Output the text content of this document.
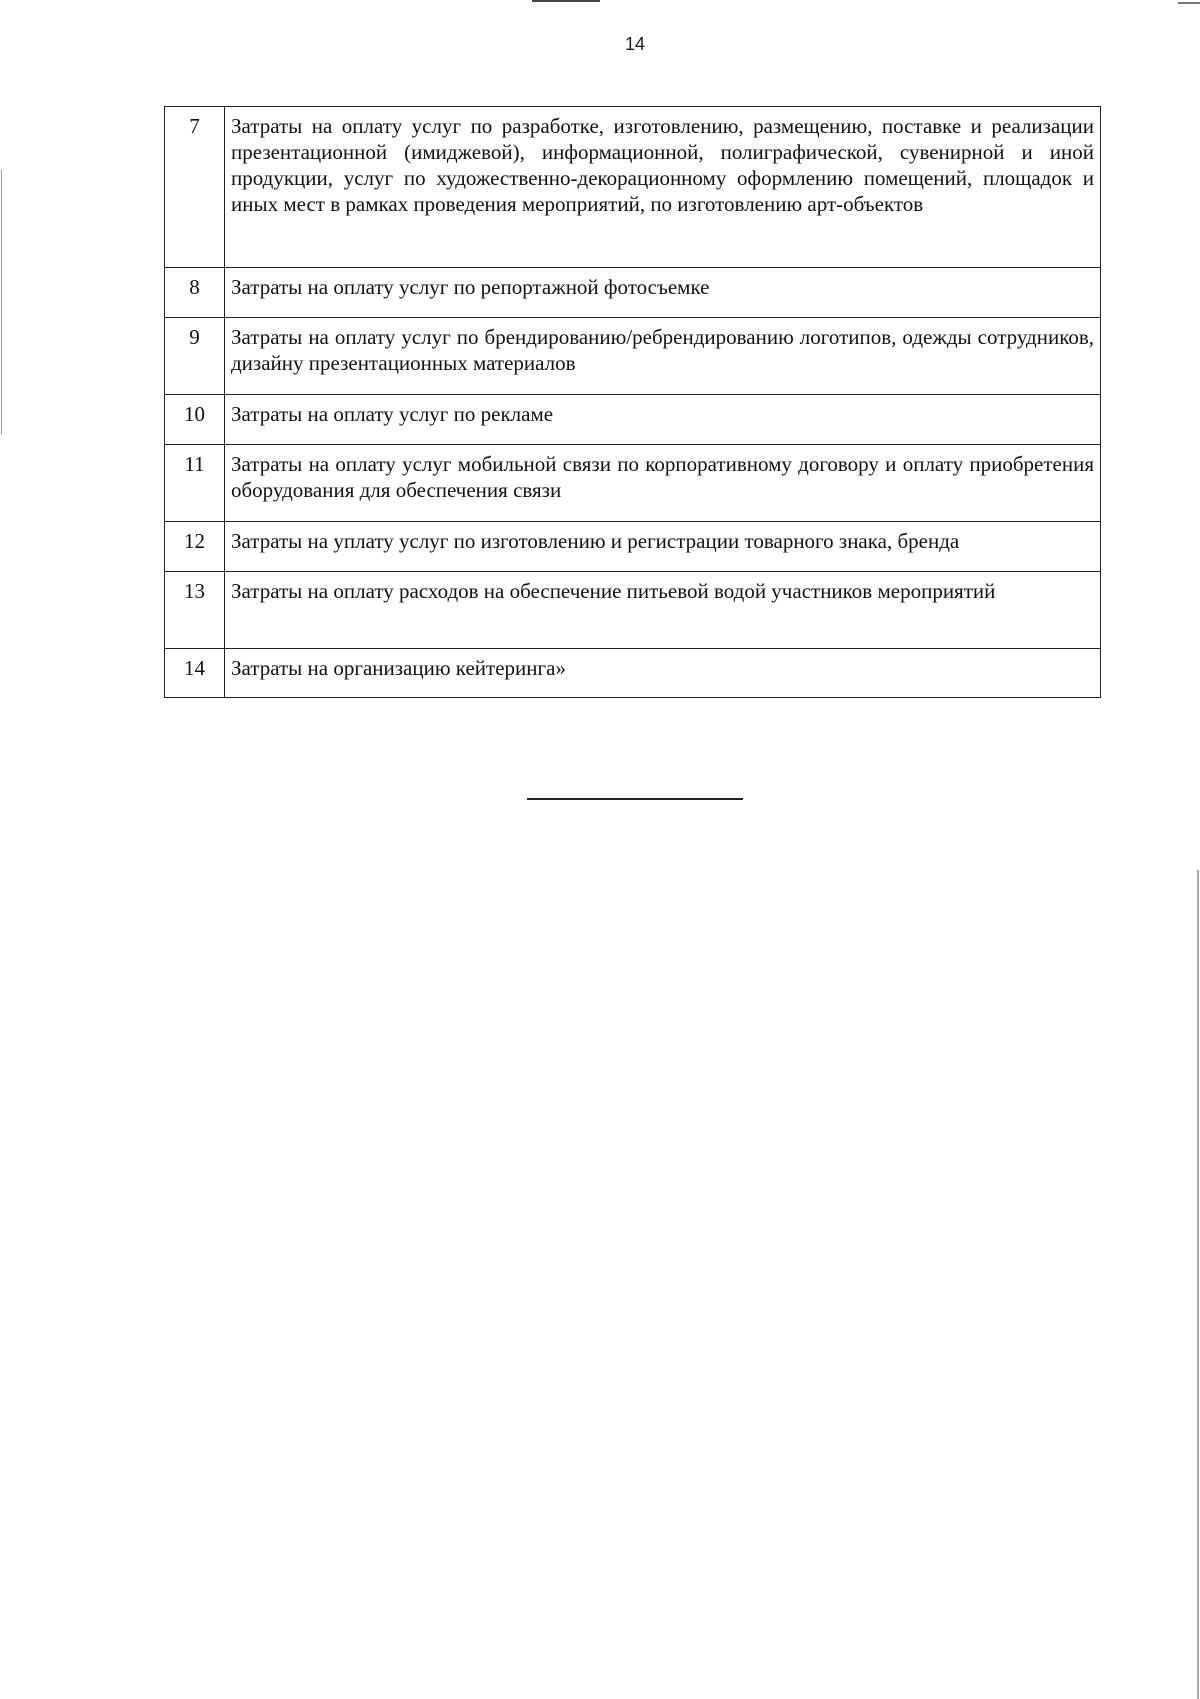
14
7	Затраты на оплату услуг по разработке, изготовлению, размещению, поставке и реализации презентационной (имиджевой), информационной, полиграфической, сувенирной и иной продукции, услуг по художественно-декорационному оформлению помещений, площадок и иных мест в рамках проведения мероприятий, по изготовлению арт-объектов
8	Затраты на оплату услуг по репортажной фотосъемке
9	Затраты на оплату услуг по брендированию/ребрендированию логотипов, одежды сотрудников, дизайну презентационных материалов
10	Затраты на оплату услуг по рекламе
11	Затраты на оплату услуг мобильной связи по корпоративному договору и оплату приобретения оборудования для обеспечения связи
12	Затраты на уплату услуг по изготовлению и регистрации товарного знака, бренда
13	Затраты на оплату расходов на обеспечение питьевой водой участников мероприятий
14	Затраты на организацию кейтеринга»
